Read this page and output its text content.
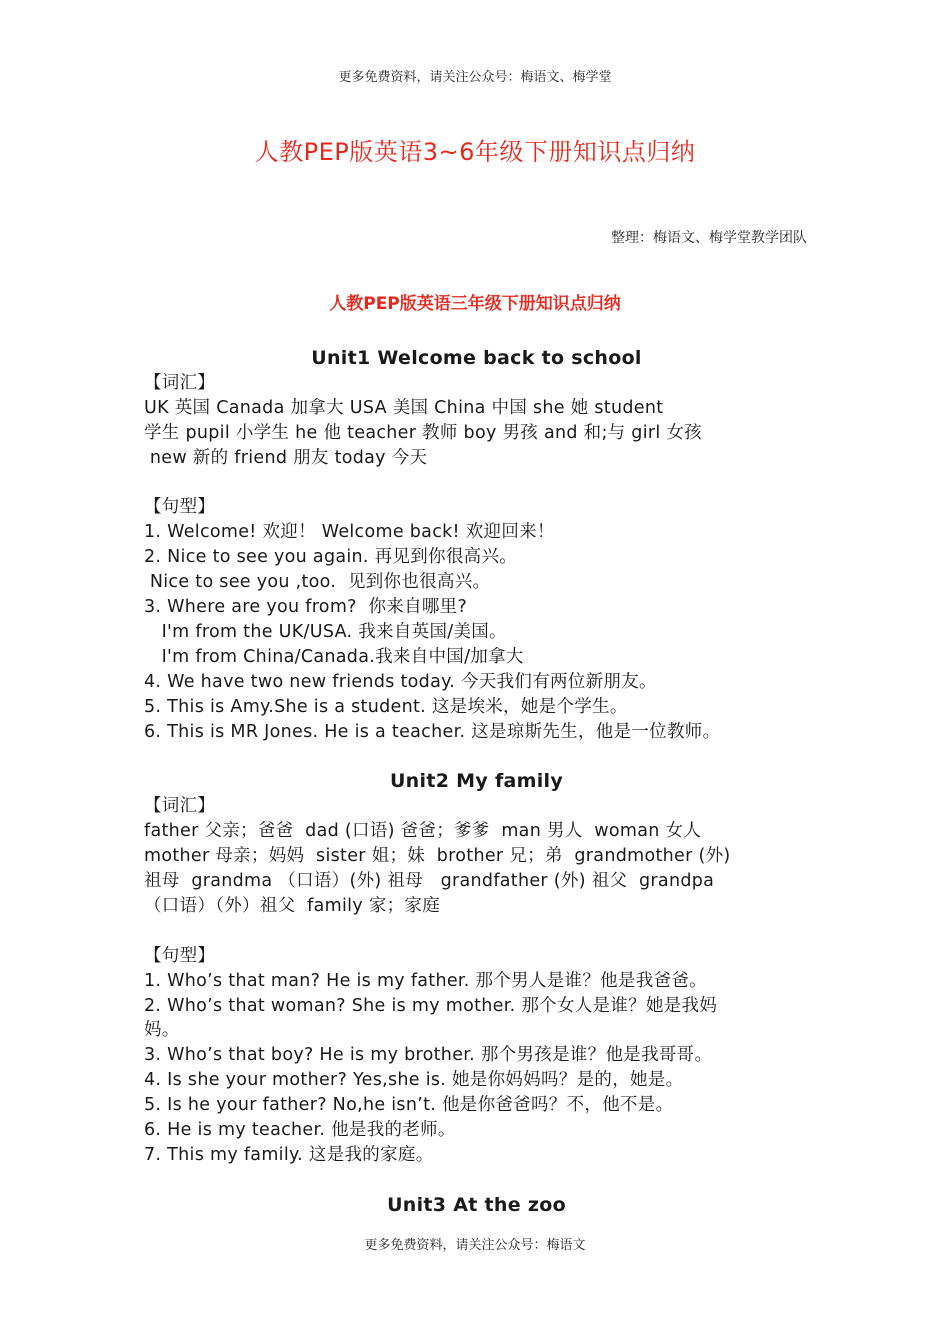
更多免费资料，请关注公众号：梅语文、梅学堂
人教PEP版英语3~6年级下册知识点归纳
整理：梅语文、梅学堂教学团队
人教PEP版英语三年级下册知识点归纳

Unit1 Welcome back to school

【词汇】

UK 英国 Canada 加拿大 USA 美国 China 中国 she 她 student

学生 pupil 小学生 he 他 teacher 教师 boy 男孩 and 和;与 girl 女孩

new 新的 friend 朋友 today 今天

【句型】

1. Welcome! 欢迎！ Welcome back! 欢迎回来！

2. Nice to see you again. 再见到你很高兴。

Nice to see you ,too.  见到你也很高兴。

3. Where are you from?  你来自哪里?

I'm from the UK/USA. 我来自英国/美国。

I'm from China/Canada.我来自中国/加拿大

4. We have two new friends today. 今天我们有两位新朋友。

5. This is Amy.She is a student. 这是埃米，她是个学生。

6. This is MR Jones. He is a teacher. 这是琼斯先生，他是一位教师。

Unit2 My family

【词汇】

father 父亲；爸爸  dad (口语) 爸爸；爹爹  man 男人  woman 女人

mother 母亲；妈妈  sister 姐；妹  brother 兄；弟  grandmother (外)

祖母  grandma （口语）(外) 祖母   grandfather (外) 祖父  grandpa

（口语）（外）祖父  family 家；家庭

【句型】

1. Who’s that man? He is my father. 那个男人是谁？他是我爸爸。

2. Who’s that woman? She is my mother. 那个女人是谁？她是我妈

妈。

3. Who’s that boy? He is my brother. 那个男孩是谁？他是我哥哥。

4. Is she your mother? Yes,she is. 她是你妈妈吗？是的，她是。

5. Is he your father? No,he isn’t. 他是你爸爸吗？不，他不是。

6. He is my teacher. 他是我的老师。

7. This my family. 这是我的家庭。

Unit3 At the zoo

更多免费资料，请关注公众号：梅语文
